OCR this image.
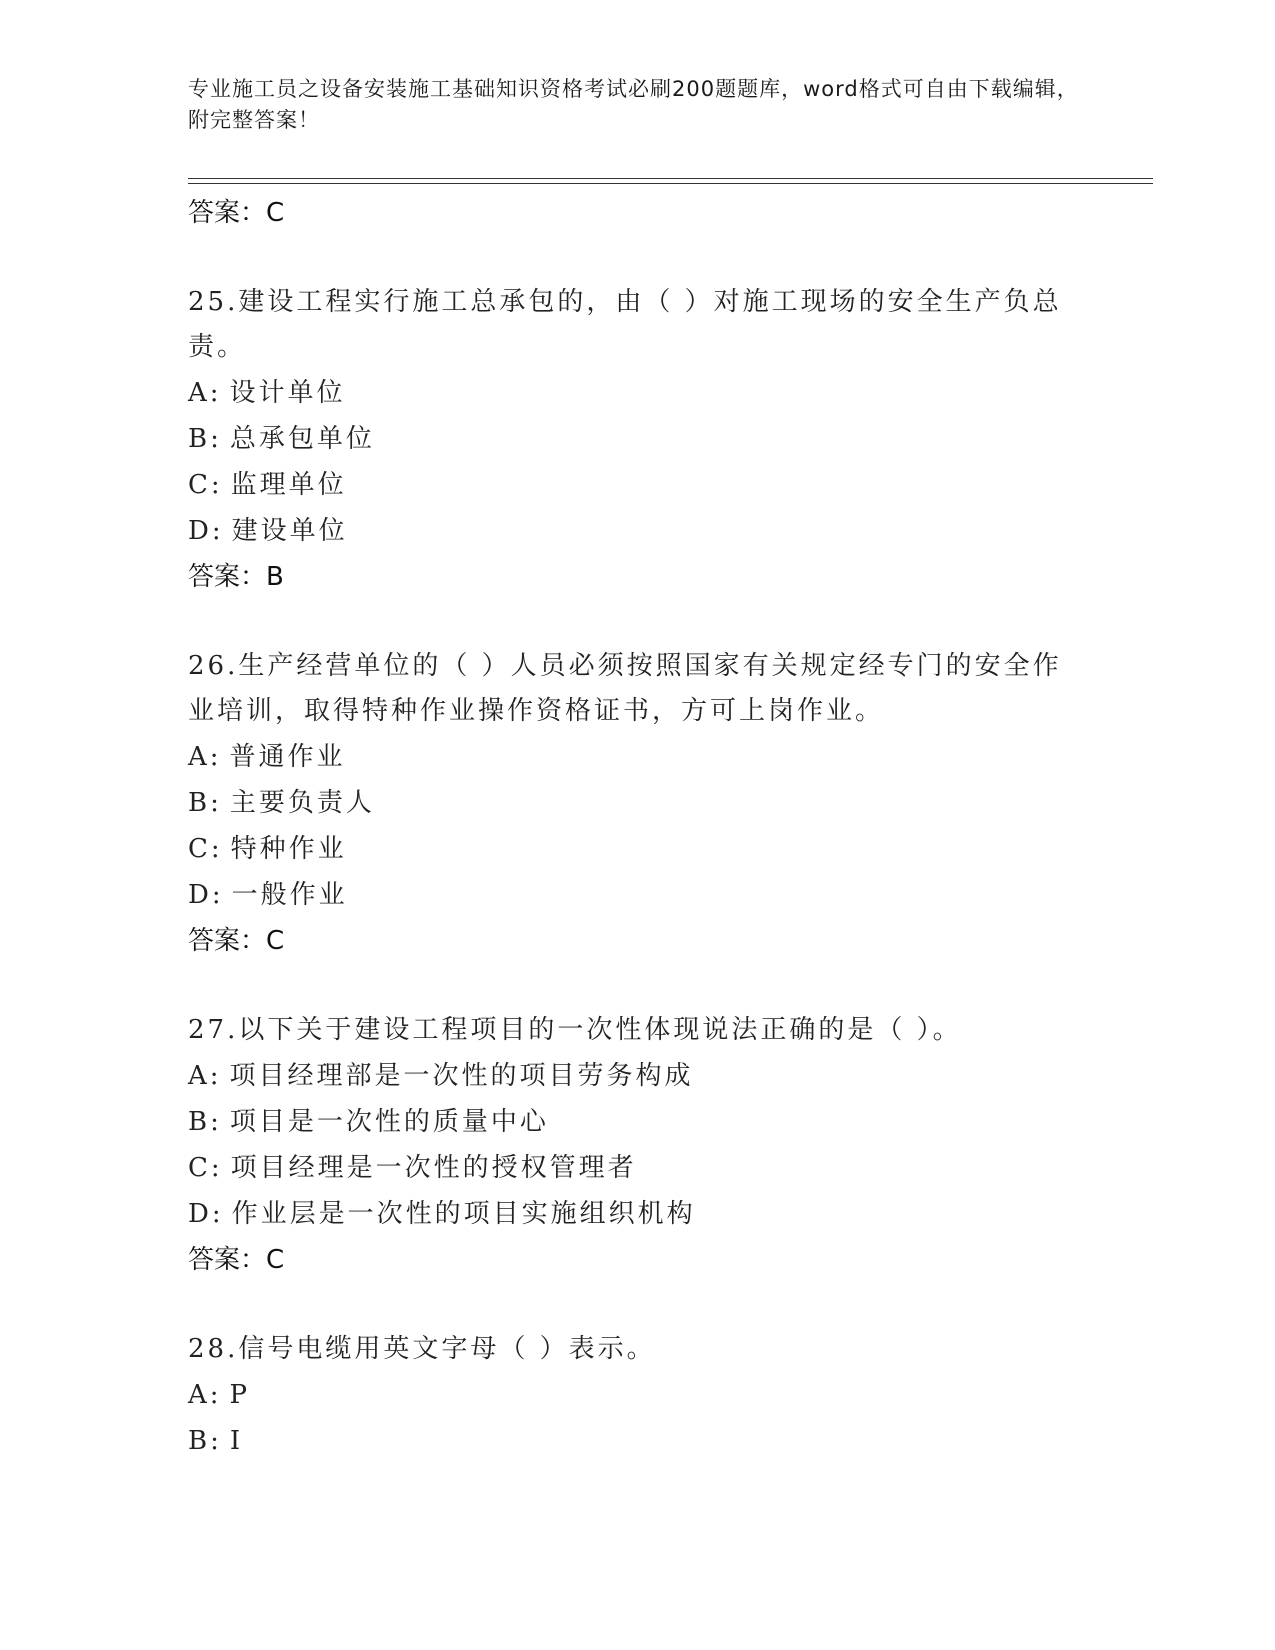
专业施工员之设备安装施工基础知识资格考试必刷200题题库，word格式可自由下载编辑，附完整答案！
答案：C
25.建设工程实行施工总承包的，由（ ）对施工现场的安全生产负总责。
A: 设计单位
B: 总承包单位
C: 监理单位
D: 建设单位
答案：B
26.生产经营单位的（ ）人员必须按照国家有关规定经专门的安全作业培训，取得特种作业操作资格证书，方可上岗作业。
A: 普通作业
B: 主要负责人
C: 特种作业
D: 一般作业
答案：C
27.以下关于建设工程项目的一次性体现说法正确的是（ ）。
A: 项目经理部是一次性的项目劳务构成
B: 项目是一次性的质量中心
C: 项目经理是一次性的授权管理者
D: 作业层是一次性的项目实施组织机构
答案：C
28.信号电缆用英文字母（ ）表示。
A: P
B: I
